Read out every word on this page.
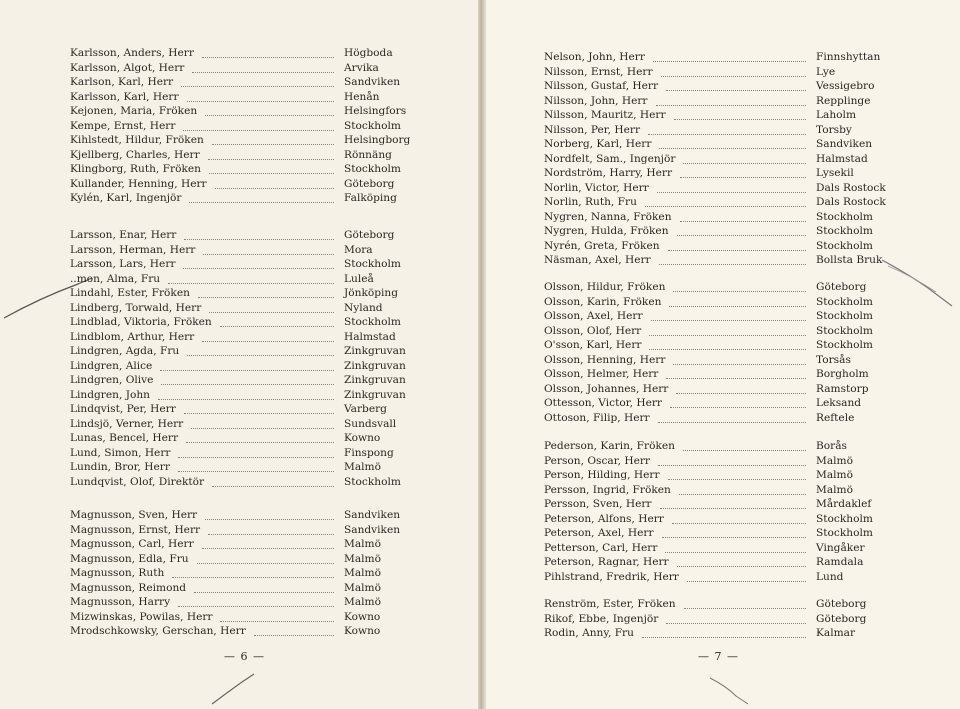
— 6 —
Karlsson, Anders, Herr	Högboda
Karlsson, Algot, Herr	Arvika
Karlson, Karl, Herr	Sandviken
Karlsson, Karl, Herr	Henån
Kejonen, Maria, Fröken	Helsingfors
Kempe, Ernst, Herr	Stockholm
Kihlstedt, Hildur, Fröken	Helsingborg
Kjellberg, Charles, Herr	Rönnäng
Klingborg, Ruth, Fröken	Stockholm
Kullander, Henning, Herr	Göteborg
Kylén, Karl, Ingenjör	Falköping
Larsson, Enar, Herr	Göteborg
Larsson, Herman, Herr	Mora
Larsson, Lars, Herr	Stockholm
..mon, Alma, Fru	Luleå
Lindahl, Ester, Fröken	Jönköping
Lindberg, Torwald, Herr	Nyland
Lindblad, Viktoria, Fröken	Stockholm
Lindblom, Arthur, Herr	Halmstad
Lindgren, Agda, Fru	Zinkgruvan
Lindgren, Alice	Zinkgruvan
Lindgren, Olive	Zinkgruvan
Lindgren, John	Zinkgruvan
Lindqvist, Per, Herr	Varberg
Lindsjö, Verner, Herr	Sundsvall
Lunas, Bencel, Herr	Kowno
Lund, Simon, Herr	Finspong
Lundin, Bror, Herr	Malmö
Lundqvist, Olof, Direktör	Stockholm
Magnusson, Sven, Herr	Sandviken
Magnusson, Ernst, Herr	Sandviken
Magnusson, Carl, Herr	Malmö
Magnusson, Edla, Fru	Malmö
Magnusson, Ruth	Malmö
Magnusson, Reimond	Malmö
Magnusson, Harry	Malmö
Mizwinskas, Powilas, Herr	Kowno
Mrodschkowsky, Gerschan, Herr	Kowno
— 7 —
Nelson, John, Herr	Finnshyttan
Nilsson, Ernst, Herr	Lye
Nilsson, Gustaf, Herr	Vessigebro
Nilsson, John, Herr	Repplinge
Nilsson, Mauritz, Herr	Laholm
Nilsson, Per, Herr	Torsby
Norberg, Karl, Herr	Sandviken
Nordfelt, Sam., Ingenjör	Halmstad
Nordström, Harry, Herr	Lysekil
Norlin, Victor, Herr	Dals Rostock
Norlin, Ruth, Fru	Dals Rostock
Nygren, Nanna, Fröken	Stockholm
Nygren, Hulda, Fröken	Stockholm
Nyrén, Greta, Fröken	Stockholm
Näsman, Axel, Herr	Bollsta Bruk
Olsson, Hildur, Fröken	Göteborg
Olsson, Karin, Fröken	Stockholm
Olsson, Axel, Herr	Stockholm
Olsson, Olof, Herr	Stockholm
O'sson, Karl, Herr	Stockholm
Olsson, Henning, Herr	Torsås
Olsson, Helmer, Herr	Borgholm
Olsson, Johannes, Herr	Ramstorp
Ottesson, Victor, Herr	Leksand
Ottoson, Filip, Herr	Reftele
Pederson, Karin, Fröken	Borås
Person, Oscar, Herr	Malmö
Person, Hilding, Herr	Malmö
Persson, Ingrid, Fröken	Malmö
Persson, Sven, Herr	Mårdaklef
Peterson, Alfons, Herr	Stockholm
Peterson, Axel, Herr	Stockholm
Petterson, Carl, Herr	Vingåker
Peterson, Ragnar, Herr	Ramdala
Pihlstrand, Fredrik, Herr	Lund
Renström, Ester, Fröken	Göteborg
Rikof, Ebbe, Ingenjör	Göteborg
Rodin, Anny, Fru	Kalmar
